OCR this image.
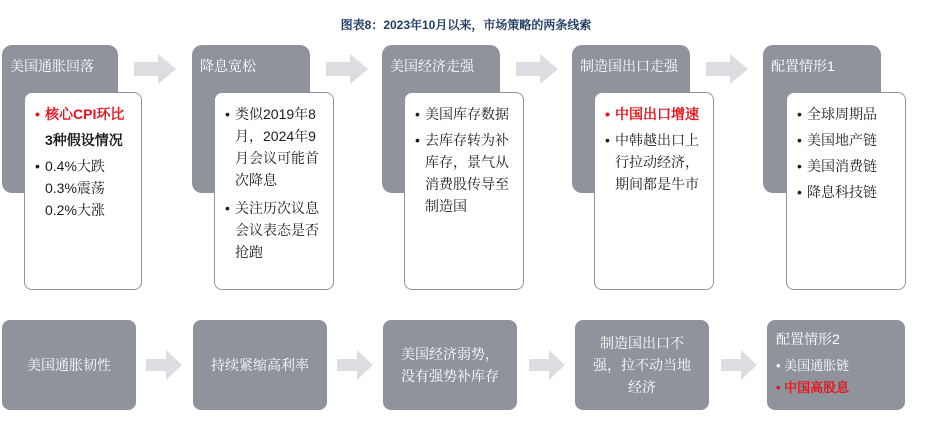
图表8：2023年10月以来，市场策略的两条线索
美国通胀回落	降息宽松	美国经济走强	制造国出口走强	配置情形1
• 核心CPI环比
3种假设情况
• 0.4%大跌
0.3%震荡
0.2%大涨
• 类似2019年8月，2024年9月会议可能首次降息
• 关注历次议息会议表态是否抢跑
• 美国库存数据
• 去库存转为补库存，景气从消费股传导至制造国
• 中国出口增速
• 中韩越出口上行拉动经济，期间都是牛市
• 全球周期品
• 美国地产链
• 美国消费链
• 降息科技链
美国通胀韧性	持续紧缩高利率
美国经济弱势，没有强势补库存
制造国出口不强，拉不动当地经济
配置情形2
• 美国通胀链
• 中国高股息
